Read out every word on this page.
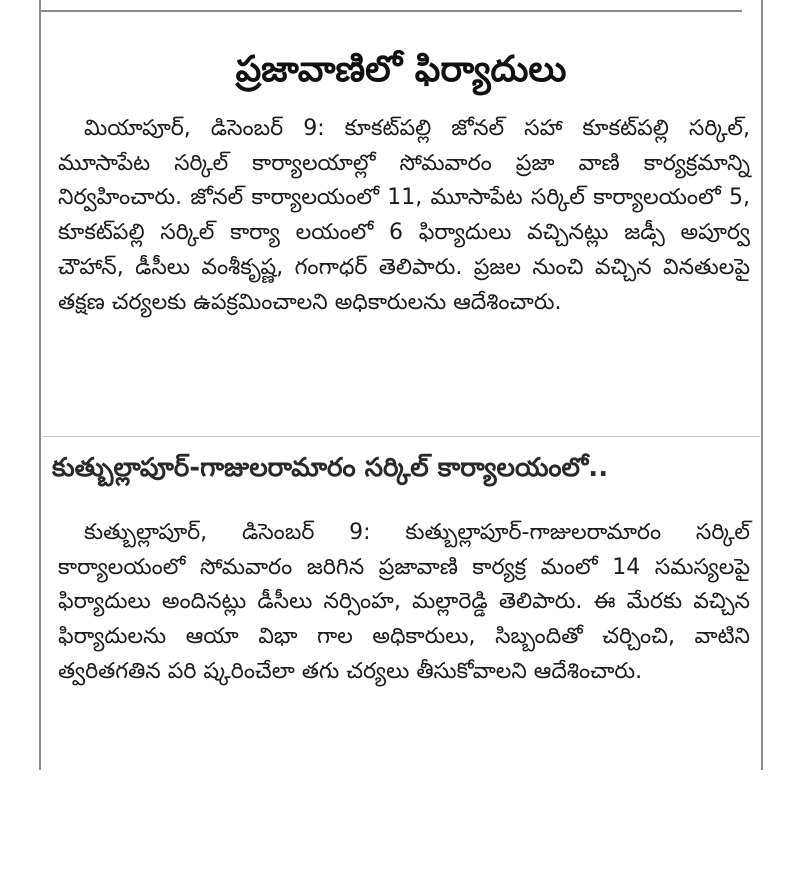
ప్రజావాణిలో ఫిర్యాదులు

మియాపూర్, డిసెంబర్ 9: కూకట్‌పల్లి జోనల్ సహా కూకట్‌పల్లి సర్కిల్, మూసాపేట సర్కిల్ కార్యాలయాల్లో సోమవారం ప్రజా వాణి కార్యక్రమాన్ని నిర్వహించారు. జోనల్ కార్యాలయంలో 11, మూసాపేట సర్కిల్ కార్యాలయంలో 5, కూకట్‌పల్లి సర్కిల్ కార్యా లయంలో 6 ఫిర్యాదులు వచ్చినట్లు జడ్సీ అపూర్వ చౌహాన్, డీసీలు వంశీకృష్ణ, గంగాధర్ తెలిపారు. ప్రజల నుంచి వచ్చిన వినతులపై తక్షణ చర్యలకు ఉపక్రమించాలని అధికారులను ఆదేశించారు.

కుత్బుల్లాపూర్-గాజులరామారం సర్కిల్ కార్యాలయంలో..

కుత్బుల్లాపూర్, డిసెంబర్ 9: కుత్బుల్లాపూర్-గాజులరామారం సర్కిల్ కార్యాలయంలో సోమవారం జరిగిన ప్రజావాణి కార్యక్ర మంలో 14 సమస్యలపై ఫిర్యాదులు అందినట్లు డీసీలు నర్సింహ, మల్లారెడ్డి తెలిపారు. ఈ మేరకు వచ్చిన ఫిర్యాదులను ఆయా విభా గాల అధికారులు, సిబ్బందితో చర్చించి, వాటిని త్వరితగతిన పరి ష్కరించేలా తగు చర్యలు తీసుకోవాలని ఆదేశించారు.
